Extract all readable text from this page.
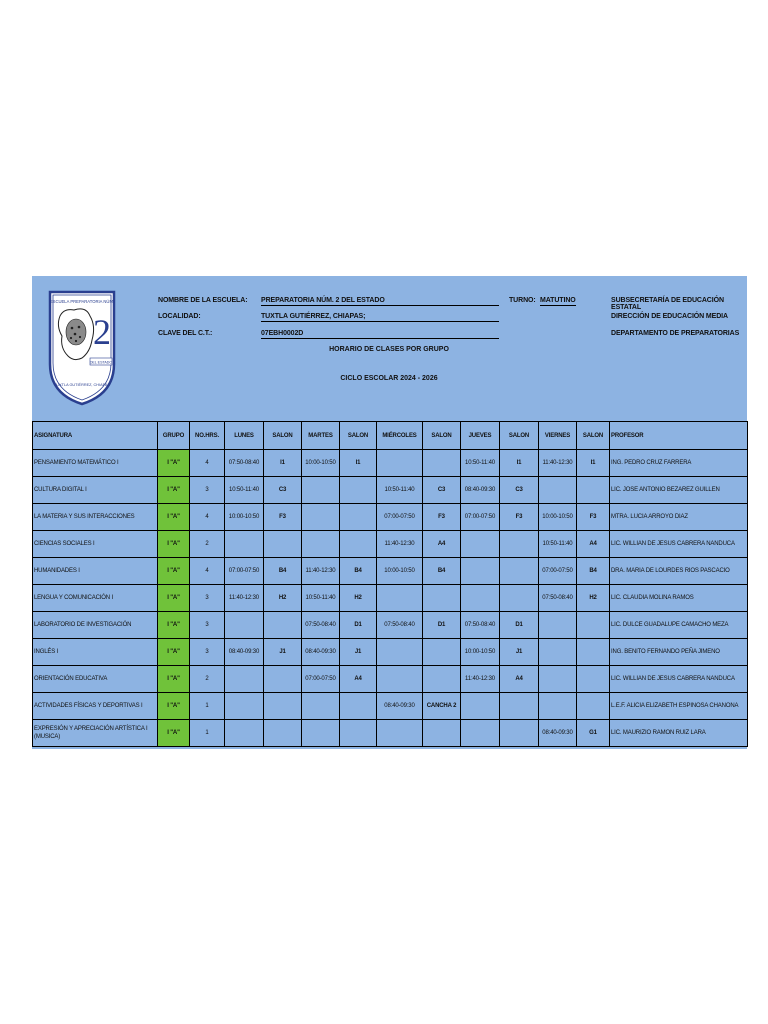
ESCUELA PREPARATORIA NÚM.
2
DEL ESTADO
TUXTLA GUTIÉRREZ, CHIAPAS
NOMBRE DE LA ESCUELA: PREPARATORIA NÚM. 2 DEL ESTADO	TURNO: MATUTINO
LOCALIDAD:	TUXTLA GUTIÉRREZ, CHIAPAS;
CLAVE DEL C.T.:	07EBH0002D
HORARIO DE CLASES POR GRUPO
CICLO ESCOLAR 2024 - 2026
SUBSECRETARÍA DE EDUCACIÓN ESTATAL
DIRECCIÓN DE EDUCACIÓN MEDIA
DEPARTAMENTO DE PREPARATORIAS
ASIGNATURA	GRUPO	NO.HRS.	LUNES	SALON	MARTES	SALON	MIÉRCOLES	SALON	JUEVES	SALON	VIERNES	SALON	PROFESOR
PENSAMIENTO MATEMÁTICO I	I "A"	4	07:50-08:40	I1	10:00-10:50	I1			10:50-11:40	I1	11:40-12:30	I1	ING. PEDRO CRUZ FARRERA
CULTURA DIGITAL I	I "A"	3	10:50-11:40	C3			10:50-11:40	C3	08:40-09:30	C3			LIC. JOSE ANTONIO BEZAREZ GUILLEN
LA MATERIA Y SUS INTERACCIONES	I "A"	4	10:00-10:50	F3			07:00-07:50	F3	07:00-07:50	F3	10:00-10:50	F3	MTRA. LUCIA ARROYO DIAZ
CIENCIAS SOCIALES I	I "A"	2					11:40-12:30	A4			10:50-11:40	A4	LIC. WILLIAN DE JESUS CABRERA NANDUCA
HUMANIDADES I	I "A"	4	07:00-07:50	B4	11:40-12:30	B4	10:00-10:50	B4			07:00-07:50	B4	DRA. MARIA DE LOURDES RIOS PASCACIO
LENGUA Y COMUNICACIÓN I	I "A"	3	11:40-12:30	H2	10:50-11:40	H2					07:50-08:40	H2	LIC. CLAUDIA MOLINA RAMOS
LABORATORIO DE INVESTIGACIÓN	I "A"	3			07:50-08:40	D1	07:50-08:40	D1	07:50-08:40	D1			LIC. DULCE GUADALUPE CAMACHO MEZA
INGLÉS I	I "A"	3	08:40-09:30	J1	08:40-09:30	J1			10:00-10:50	J1			ING. BENITO FERNANDO PEÑA JIMENO
ORIENTACIÓN EDUCATIVA	I "A"	2			07:00-07:50	A4			11:40-12:30	A4			LIC. WILLIAN DE JESUS CABRERA NANDUCA
ACTIVIDADES FÍSICAS Y DEPORTIVAS I	I "A"	1					08:40-09:30	CANCHA 2					L.E.F. ALICIA ELIZABETH ESPINOSA CHANONA
EXPRESIÓN Y APRECIACIÓN ARTÍSTICA I (MUSICA)	I "A"	1									08:40-09:30	G1	LIC. MAURIZIO RAMON RUIZ LARA
